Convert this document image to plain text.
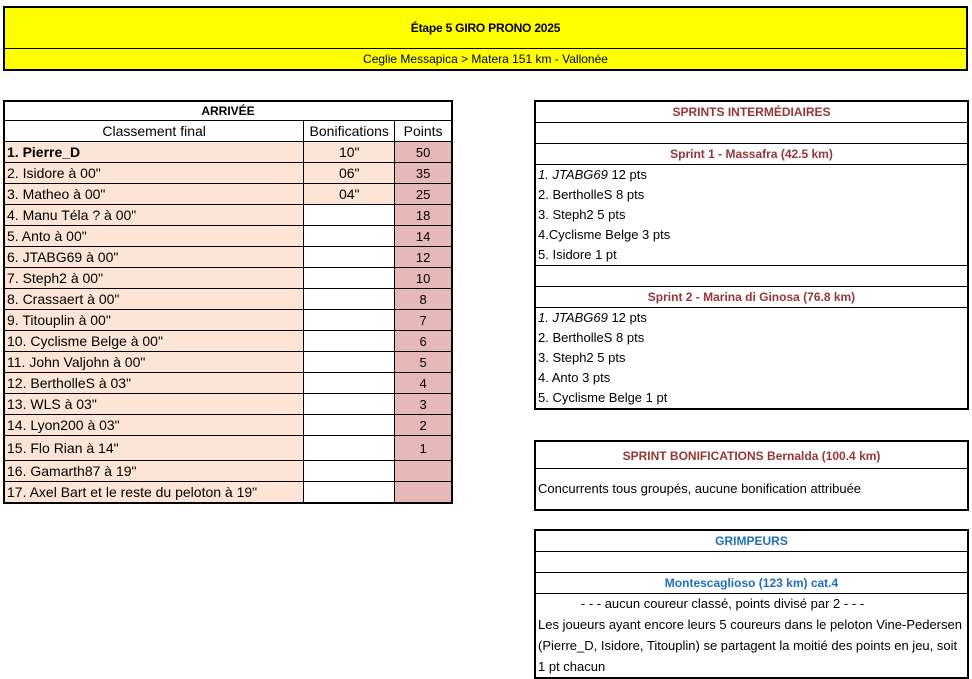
Étape 5 GIRO PRONO 2025
Ceglie Messapica > Matera 151 km - Vallonée
ARRIVÉE		
Classement final	Bonifications	Points
1. Pierre_D	10"	50
2. Isidore à 00"	06"	35
3. Matheo à 00"	04"	25
4. Manu Téla ? à 00"		18
5. Anto à 00"		14
6. JTABG69 à 00"		12
7. Steph2 à 00"		10
8. Crassaert à 00"		8
9. Titouplin à 00"		7
10. Cyclisme Belge à 00"		6
11. John Valjohn à 00"		5
12. BertholleS à 03"		4
13. WLS à 03"		3
14. Lyon200 à 03"		2
15. Flo Rian à 14"		1
16. Gamarth87 à 19"		
17. Axel Bart et le reste du peloton à 19"		
SPRINTS INTERMÉDIAIRES
Sprint 1 - Massafra (42.5 km)
1. JTABG69 12 pts
2. BertholleS 8 pts
3. Steph2 5 pts
4.Cyclisme Belge 3 pts
5. Isidore 1 pt
Sprint 2 - Marina di Ginosa (76.8 km)
1. JTABG69 12 pts
2. BertholleS 8 pts
3. Steph2 5 pts
4. Anto 3 pts
5. Cyclisme Belge 1 pt
SPRINT BONIFICATIONS Bernalda (100.4 km)
Concurrents tous groupés, aucune bonification attribuée
GRIMPEURS
Montescaglioso (123 km) cat.4
- - - aucun coureur classé, points divisé par 2 - - -
Les joueurs ayant encore leurs 5 coureurs dans le peloton Vine-Pedersen (Pierre_D, Isidore, Titouplin) se partagent la moitié des points en jeu, soit 1 pt chacun
